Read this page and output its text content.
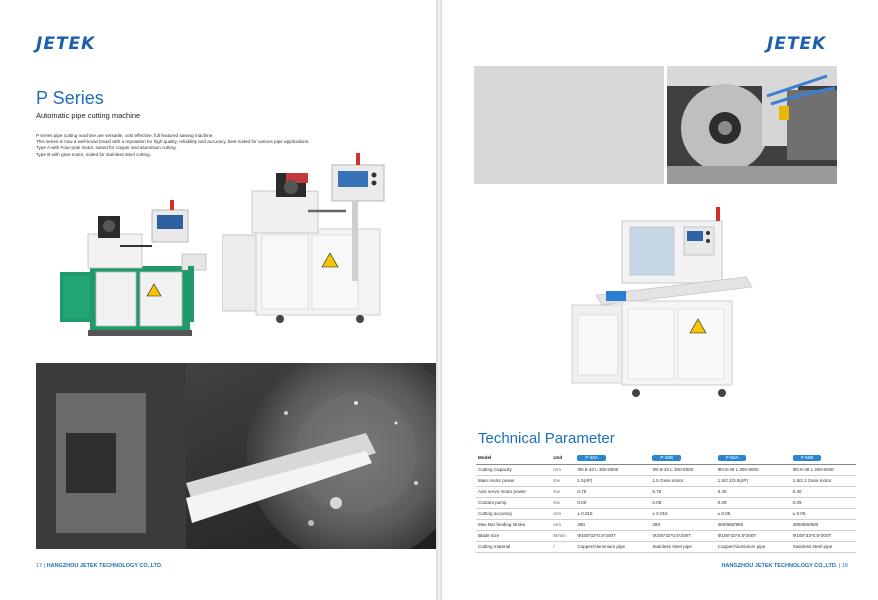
JETEK
P Series
Automatic pipe cutting machine

P series pipe cutting machine are versatile, cost effective, full featured sawing machine.

This series is now a well-know brand with a reputation for high quality, reliability and accuracy, best suited for various pipe applications.

Type A with Four-pole motor, suited for copper and aluminium cutting.

Type B with gear-motor, suited for stainless steel cutting.

17 | HANGZHOU JETEK TECHNOLOGY CO.,LTD.
JETEK
Technical Parameter
Model	Unit	P-30A	P-30B	P-50A	P-50B
Cutting Capacity	mm	Φ0.6-40 L 300-6000	Φ0.6-40 L 300-6000	Φ0.6-48 L 300-6000	Φ0.6-48 L 300-6000
Main motor power	Kw	1.5(4P)	1.5 Gear-motor	1.5/2.2/3.0(4P)	1.5/2.2 Gear-motor
Axis servo motor power	Kw	0.75	0.75	0.40	0.40
Coolant pump	Kw	0.09	0.09	0.09	0.09
Cutting accuracy	mm	± 0.015	± 0.015	± 0.05	± 0.05
Max Bar feeding stroke	mm	280	280	480/680/980	480/680/980
Blade size	M/min	Φ105*32*0.5*200T	Φ105*32*0.5*200T	Φ105*32*0.5*200T	Φ105*32*0.5*200T
Cutting material	/	Copper/Aluminium pipe	Stainless steel pipe	Copper/Aluminium pipe	Stainless steel pipe
HANGZHOU JETEK TECHNOLOGY CO.,LTD. | 18
